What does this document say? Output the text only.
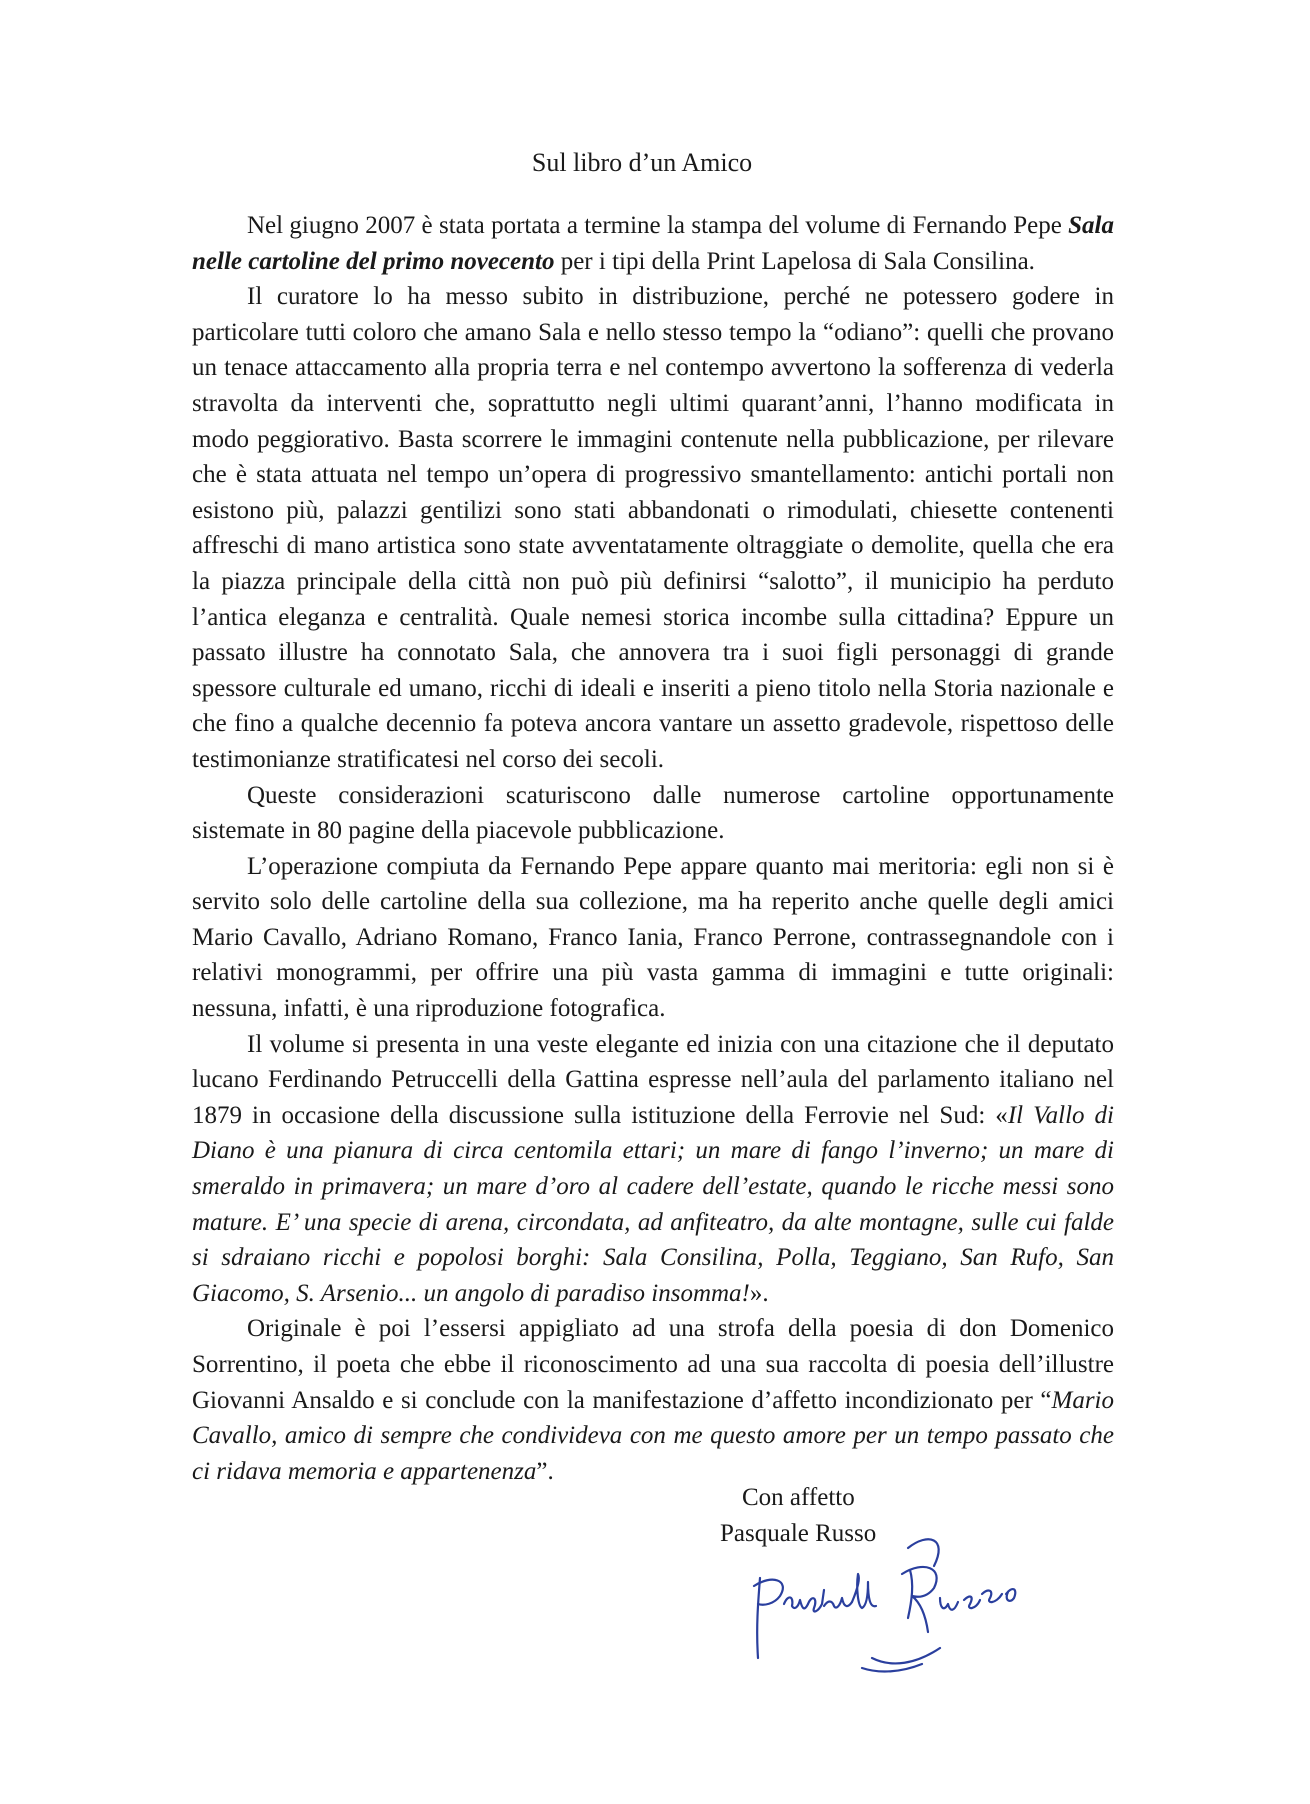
Sul libro d’un Amico

Nel giugno 2007 è stata portata a termine la stampa del volume di Fernando Pepe Sala nelle cartoline del primo novecento per i tipi della Print Lapelosa di Sala Consilina.

Il curatore lo ha messo subito in distribuzione, perché ne potessero godere in particolare tutti coloro che amano Sala e nello stesso tempo la “odiano”: quelli che provano un tenace attaccamento alla propria terra e nel contempo avvertono la sofferenza di vederla stravolta da interventi che, soprattutto negli ultimi quarant’anni, l’hanno modificata in modo peggiorativo. Basta scorrere le immagini contenute nella pubblicazione, per rilevare che è stata attuata nel tempo un’opera di progressivo smantellamento: antichi portali non esistono più, palazzi gentilizi sono stati abbandonati o rimodulati, chiesette contenenti affreschi di mano artistica sono state avventatamente oltraggiate o demolite, quella che era la piazza principale della città non può più definirsi “salotto”, il municipio ha perduto l’antica eleganza e centralità. Quale nemesi storica incombe sulla cittadina? Eppure un passato illustre ha connotato Sala, che annovera tra i suoi figli personaggi di grande spessore culturale ed umano, ricchi di ideali e inseriti a pieno titolo nella Storia nazionale e che fino a qualche decennio fa poteva ancora vantare un assetto gradevole, rispettoso delle testimonianze stratificatesi nel corso dei secoli.

Queste considerazioni scaturiscono dalle numerose cartoline opportunamente sistemate in 80 pagine della piacevole pubblicazione.

L’operazione compiuta da Fernando Pepe appare quanto mai meritoria: egli non si è servito solo delle cartoline della sua collezione, ma ha reperito anche quelle degli amici Mario Cavallo, Adriano Romano, Franco Iania, Franco Perrone, contrassegnandole con i relativi monogrammi, per offrire una più vasta gamma di immagini e tutte originali: nessuna, infatti, è una riproduzione fotografica.

Il volume si presenta in una veste elegante ed inizia con una citazione che il deputato lucano Ferdinando Petruccelli della Gattina espresse nell’aula del parlamento italiano nel 1879 in occasione della discussione sulla istituzione della Ferrovie nel Sud: «Il Vallo di Diano è una pianura di circa centomila ettari; un mare di fango l’inverno; un mare di smeraldo in primavera; un mare d’oro al cadere dell’estate, quando le ricche messi sono mature. E’ una specie di arena, circondata, ad anfiteatro, da alte montagne, sulle cui falde si sdraiano ricchi e popolosi borghi: Sala Consilina, Polla, Teggiano, San Rufo, San Giacomo, S. Arsenio... un angolo di paradiso insomma!».

Originale è poi l’essersi appigliato ad una strofa della poesia di don Domenico Sorrentino, il poeta che ebbe il riconoscimento ad una sua raccolta di poesia dell’illustre Giovanni Ansaldo e si conclude con la manifestazione d’affetto incondizionato per “Mario Cavallo, amico di sempre che condivideva con me questo amore per un tempo passato che ci ridava memoria e appartenenza”.

Con affetto
Pasquale Russo
